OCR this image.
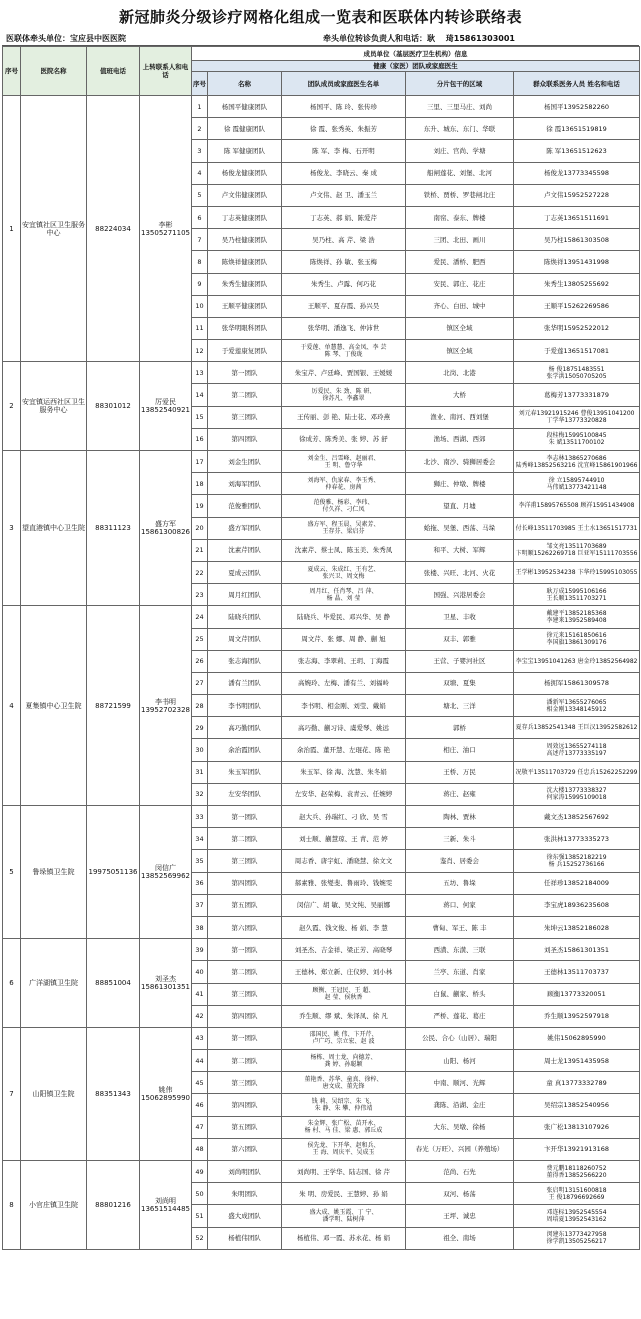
新冠肺炎分级诊疗网格化组成一览表和医联体内转诊联络表
医联体牵头单位：宝应县中医医院	牵头单位转诊负责人和电话：耿　 琦15861303001
序号	医院名称	值班电话	上转联系人和电话	成员单位（基层医疗卫生机构）信息				
				健康（家医）团队或家庭医生				
				序号	名称	团队成员或家庭医生名单	分片包干的区域	群众联系医务人员 姓名和电话
1	安宜镇社区卫生服务中心	88224034	李彬 13505271105	1	杨国平健康团队	杨国平、陈 玲、张传珍	三里、三里马庄、刘尚	杨国平13952582260
				2	徐 霞健康团队	徐 霞、张秀英、朱振芳	东升、城东、东门、华联	徐 霞13651519819
				3	陈 军健康团队	陈 军、李 梅、石开明	刘庄、官尚、学塘	陈 军13651512623
				4	杨俊龙健康团队	杨俊龙、李晓云、秦 成	船闸莲花、刘堡、北河	杨俊龙13773345598
				5	卢文伟健康团队	卢文伟、赵 卫、潘玉兰	铁桥、贾桥、罗巷闸北庄	卢文伟15952527228
				6	丁志英健康团队	丁志英、郝 娟、陈爱芹	南窑、泰东、牌楼	丁志英13651511691
				7	吴乃柱健康团队	吴乃柱、高 芹、梁 浩	三团、北田、画川	吴乃柱15861303508
				8	陈焕祥健康团队	陈焕祥、孙 敏、张玉梅	爱民、潘桥、肥西	陈焕祥13951431998
				9	朱秀生健康团队	朱秀生、卢露、何巧花	安民、郭庄、花庄	朱秀生13805255692
				10	王顺平健康团队	王顺平、夏存霞、孙兴昊	齐心、白田、城中	王顺平15262269586
				11	张华明眼科团队	张华明、潘逸飞、仲沛世	镇区全域	张华明15952522012
				12	于爱莲康复团队	于爱莲、单慧慧、高金凤、李 芸
陈 琴、丁俊珑	镇区全域	于爱莲13651517081
2	安宜镇运西社区卫生服务中心	88301012	厉爱民 13852540921	13	第一团队	朱宝芹、卢廷峰、贾国银、王媛媛	北岗、北港	杨 俊18751483551
张学洪15050705205
				14	第二团队	厉爱民、朱 劲、陈 研、
徐苏凡、李鑫翠	大桥	葛梅芳13773331879
				15	第三团队	王传丽、彭 艳、陆士花、邓玲燕	渔业、南河、西刘堡	刘元春13921915246 曹俊13951041200 丁学华13773320828
				16	第四团队	徐成芳、陈秀美、张 婷、苏 舒	渔场、西湖、西郊	段桂梅15995100845
朱 斌13511700102
3	望直港镇中心卫生院	88311123	盛方军 15861300826	17	刘金生团队	刘金生、吕雪峰、赵丽君、
王 明、鲁守华	北沙、南沙、骑狮居委会	李志林13865270686
陆秀峰13852563216 沈宜峰15861901966
				18	刘海军团队	刘海军、仇家春、李玉秀、
仲春花、房茜	狮庄、仲墩、牌楼	徐 立15895744910
马伟斌13773421148
				19	范俊雅团队	范俊雅、杨彩、李玮、
付久祥、刁仁凤	望直、月墟	李洋甫15895765508 顾祥15951434908
				20	盛方军团队	盛方军、程玉晨、吴素芳、
王存芬、梁启芬	蛤拖、吴堡、西荡、马垛	付长峰13511703985 王土水13651517731
				21	沈素芹团队	沈素芹、蔡士凤、陈玉美、朱秀凤	和平、大树、军辉	邹文亮13511703689
卞明顺15262269718 巨亚军15111703556
				22	夏成云团队	夏成云、朱成红、王有艺、
张兴卫、周文梅	张楼、兴旺、北河、火花	王学彬13952534238 卞华玲15995103055
				23	周月红团队	周月红、任肖琴、吕 萍、
杨 晶、刘 莹	国强、兴港居委会	耿万成15995106166
王长顺13511703271
4	夏集镇中心卫生院	88721599	李书明 13952702328	24	陆晓兵团队	陆晓兵、毕爱民、邓兴华、吴 静	卫星、丰收	戴建平13852185368
李建来13952589408
				25	周文芹团队	周文芹、张 娜、周 静、蒯 旭	双丰、郭雅	徐元来15161850616
李国旗13861309176
				26	张志海团队	张志海、李翠莉、王玥、丁海霞	王营、子婴河社区	李宝宝13951041263 唐金玲13852564982
				27	潘有兰团队	高婉玲、左梅、潘有兰、刘福岭	双塘、夏集	杨拥军15861309578
				28	李书明团队	李书明、相金刚、刘莹、戴娟	塘北、三洋	潘新军13655276065
相金刚13348145912
				29	高巧勤团队	高巧勤、蒯习诗、虞爱琴、姚远	郭桥	夏存兵13852541348 王巨汉13952582612
				30	余治霞团队	余治霞、董开慧、左琨花、陈 艳	相庄、油口	周效远13655274118
高述芹13773335197
				31	朱玉军团队	朱玉军、徐 海、沈慧、朱冬娟	王桥、万民	况敬平13511703729 任忠兵15262252299
				32	左安华团队	左安华、赵荣梅、袁青云、任婉婷	蒋庄、赵雍	沈大楼13773338327
何家涛15995109018
5	鲁垛镇卫生院	19975051136	闵信广 13852569962	33	第一团队	赵大兵、孙瑞红、刁 欣、吴 雪	陶林、贾林	戴文杰13852567692
				34	第二团队	刘士顺、蒯慧琼、王 青、范 婷	三新、朱斗	张洪林13773335273
				35	第三团队	周志香、唐宇虹、潘晓慧、徐文文	鉴肖、居委会	徐东强13852182219
杨 兵15252736166
				36	第四团队	郝素雅、张燮斐、鲁雨玲、钱婉雯	五坊、鲁垛	任祥珍13852184009
				37	第五团队	闵信广、胡 敏、吴文纯、吴丽娜	蒋口、何家	李宝虎18936235608
				38	第六团队	赵久霞、钱文俊、杨 娟、李 慧	曹甸、军王、陈 丰	朱坤云13852186028
6	广洋湖镇卫生院	88851004	刘圣杰 15861301351	39	第一团队	刘圣杰、吉金祥、梁正芳、高晓琴	西潢、东潢、三联	刘圣杰15861301351
				40	第二团队	王德林、郑立新、庄仪婷、刘小林	兰亭、东道、肖家	王德林13511703737
				41	第三团队	顾衡、王冠民、王 超、
赵 莹、侯秋香	白鼠、蒯家、桥头	顾衡13773320051
				42	第四团队	乔生顺、缪 斌、朱泽凤、徐 凡	严桥、莲花、葛庄	乔生顺13952597918
7	山阳镇卫生院	88351343	姚伟 15062895990	43	第一团队	邵国民、姚 伟、卞开芹、
卢广巧、宗立宏、赵 波	公民、合心（山居）、瑞阳	姚伟15062895990
				44	第二团队	杨栋、周士龙、向德芳、
龚 婷、孙聪颖	山阳、杨河	周士龙13951435958
				45	第三团队	董艳香、苏华、童真、徐梓、
唐文成、董先锋	中南、顺河、光辉	童 真13773332789
				46	第四团队	钱 莉、吴绍宗、朱 飞、
朱 静、朱 攀、仲伟靖	龚陈、沿湖、金庄	吴绍宗13852540956
				47	第五团队	朱金辉、张广松、苗开永、
杨 村、马 佳、梁 惠、郭丘成	大东、吴墩、徐杨	张广松13813107926
				48	第六团队	侯先龙、卞开华、赵和兵、
王 海、周庆平、吴成玉	春光（万旺）、兴园（养殖场）	卞开华13921913168
8	小官庄镇卫生院	88801216	刘尚明 13651514485	49	刘尚明团队	刘尚明、王学华、陆志国、徐 芹	范尚、石先	费元鹏18118260752
董得香13852566220
				50	朱明团队	朱 明、房爱民、王慧婷、孙 娟	双河、杨荡	张启明13151600818
王 俊18796692669
				51	盛大成团队	盛大成、姚玉霞、丁 宁、
潘学明、陆树萍	王坪、诚忠	邓连标13952545554
周培夏13952543162
				52	杨植伟团队	杨植伟、邓一霞、苏永花、杨 娟	祖全、南场	闵建东13773427958
徐学凯13505256217
